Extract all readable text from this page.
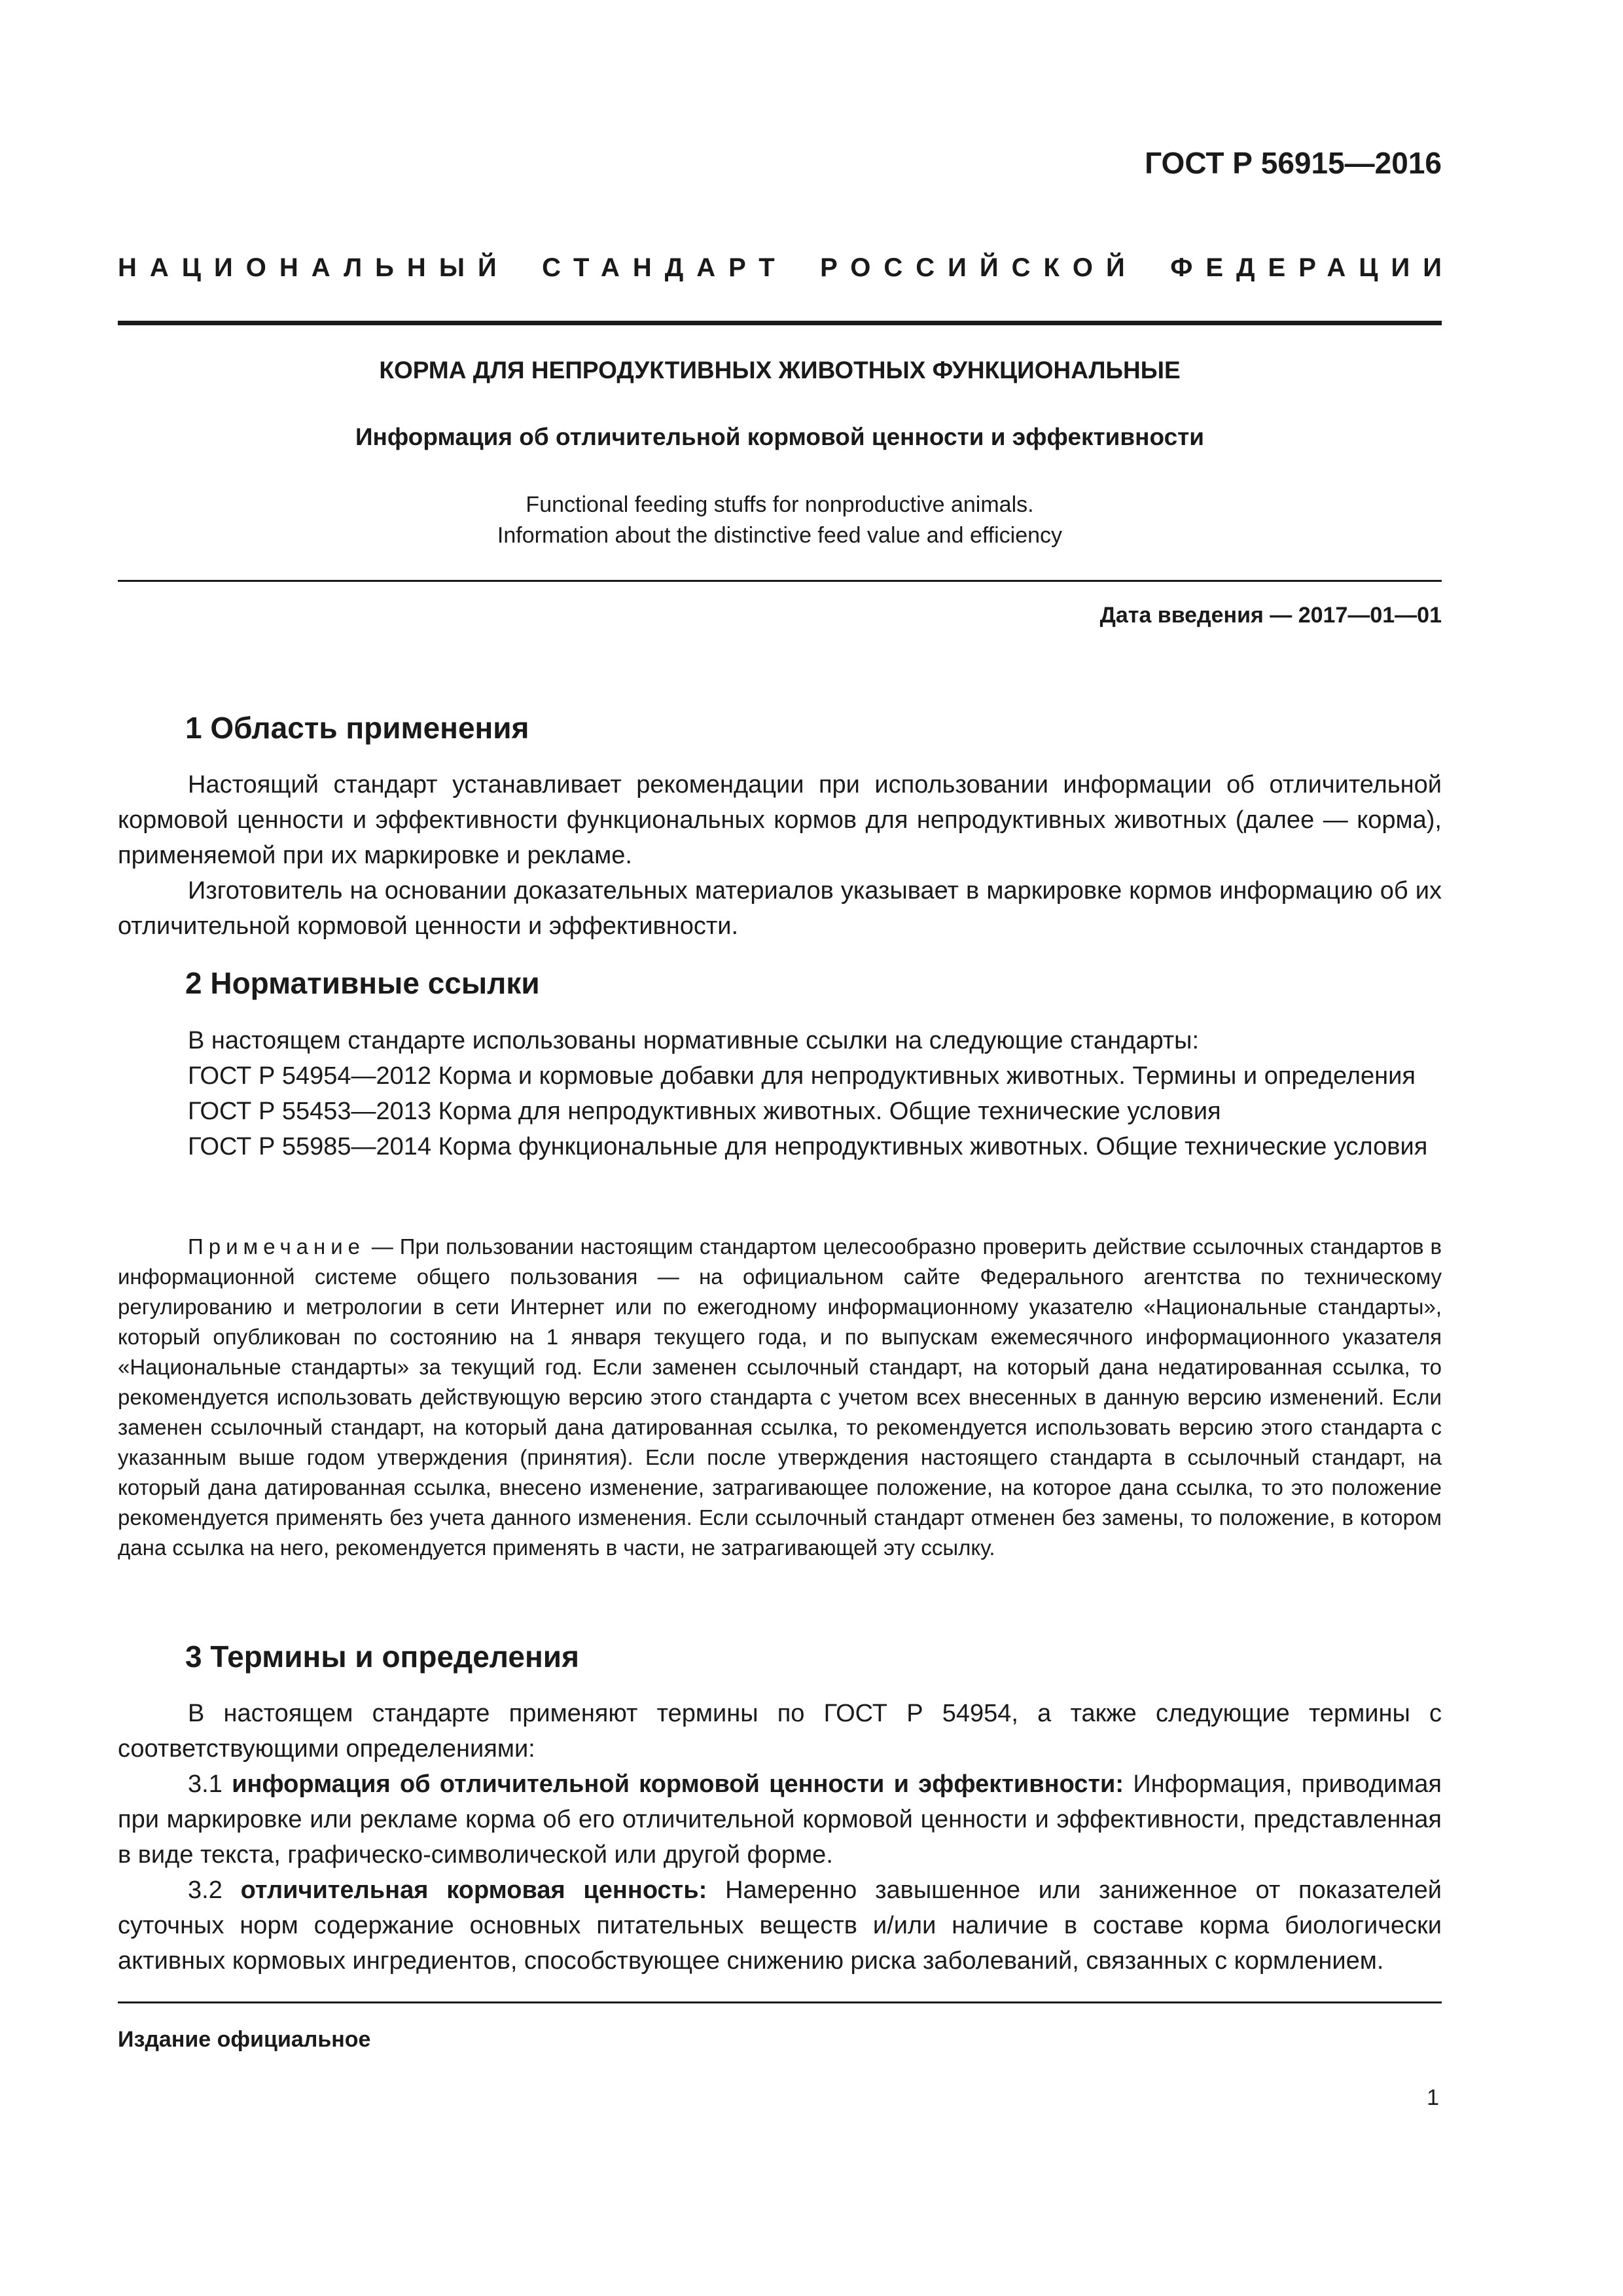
ГОСТ Р 56915—2016
НАЦИОНАЛЬНЫЙ СТАНДАРТ РОССИЙСКОЙ ФЕДЕРАЦИИ
КОРМА ДЛЯ НЕПРОДУКТИВНЫХ ЖИВОТНЫХ ФУНКЦИОНАЛЬНЫЕ
Информация об отличительной кормовой ценности и эффективности
Functional feeding stuffs for nonproductive animals.
Information about the distinctive feed value and efficiency

Дата введения — 2017—01—01

1 Область применения

Настоящий стандарт устанавливает рекомендации при использовании информации об отличительной кормовой ценности и эффективности функциональных кормов для непродуктивных животных (далее — корма), применяемой при их маркировке и рекламе.

Изготовитель на основании доказательных материалов указывает в маркировке кормов информацию об их отличительной кормовой ценности и эффективности.

2 Нормативные ссылки

В настоящем стандарте использованы нормативные ссылки на следующие стандарты:

ГОСТ Р 54954—2012 Корма и кормовые добавки для непродуктивных животных. Термины и определения

ГОСТ Р 55453—2013 Корма для непродуктивных животных. Общие технические условия

ГОСТ Р 55985—2014 Корма функциональные для непродуктивных животных. Общие технические условия

Примечание — При пользовании настоящим стандартом целесообразно проверить действие ссылочных стандартов в информационной системе общего пользования — на официальном сайте Федерального агентства по техническому регулированию и метрологии в сети Интернет или по ежегодному информационному указателю «Национальные стандарты», который опубликован по состоянию на 1 января текущего года, и по выпускам ежемесячного информационного указателя «Национальные стандарты» за текущий год. Если заменен ссылочный стандарт, на который дана недатированная ссылка, то рекомендуется использовать действующую версию этого стандарта с учетом всех внесенных в данную версию изменений. Если заменен ссылочный стандарт, на который дана датированная ссылка, то рекомендуется использовать версию этого стандарта с указанным выше годом утверждения (принятия). Если после утверждения настоящего стандарта в ссылочный стандарт, на который дана датированная ссылка, внесено изменение, затрагивающее положение, на которое дана ссылка, то это положение рекомендуется применять без учета данного изменения. Если ссылочный стандарт отменен без замены, то положение, в котором дана ссылка на него, рекомендуется применять в части, не затрагивающей эту ссылку.

3 Термины и определения

В настоящем стандарте применяют термины по ГОСТ Р 54954, а также следующие термины с соответствующими определениями:

3.1 информация об отличительной кормовой ценности и эффективности: Информация, приводимая при маркировке или рекламе корма об его отличительной кормовой ценности и эффективности, представленная в виде текста, графическо-символической или другой форме.

3.2 отличительная кормовая ценность: Намеренно завышенное или заниженное от показателей суточных норм содержание основных питательных веществ и/или наличие в составе корма биологически активных кормовых ингредиентов, способствующее снижению риска заболеваний, связанных с кормлением.

Издание официальное

1
